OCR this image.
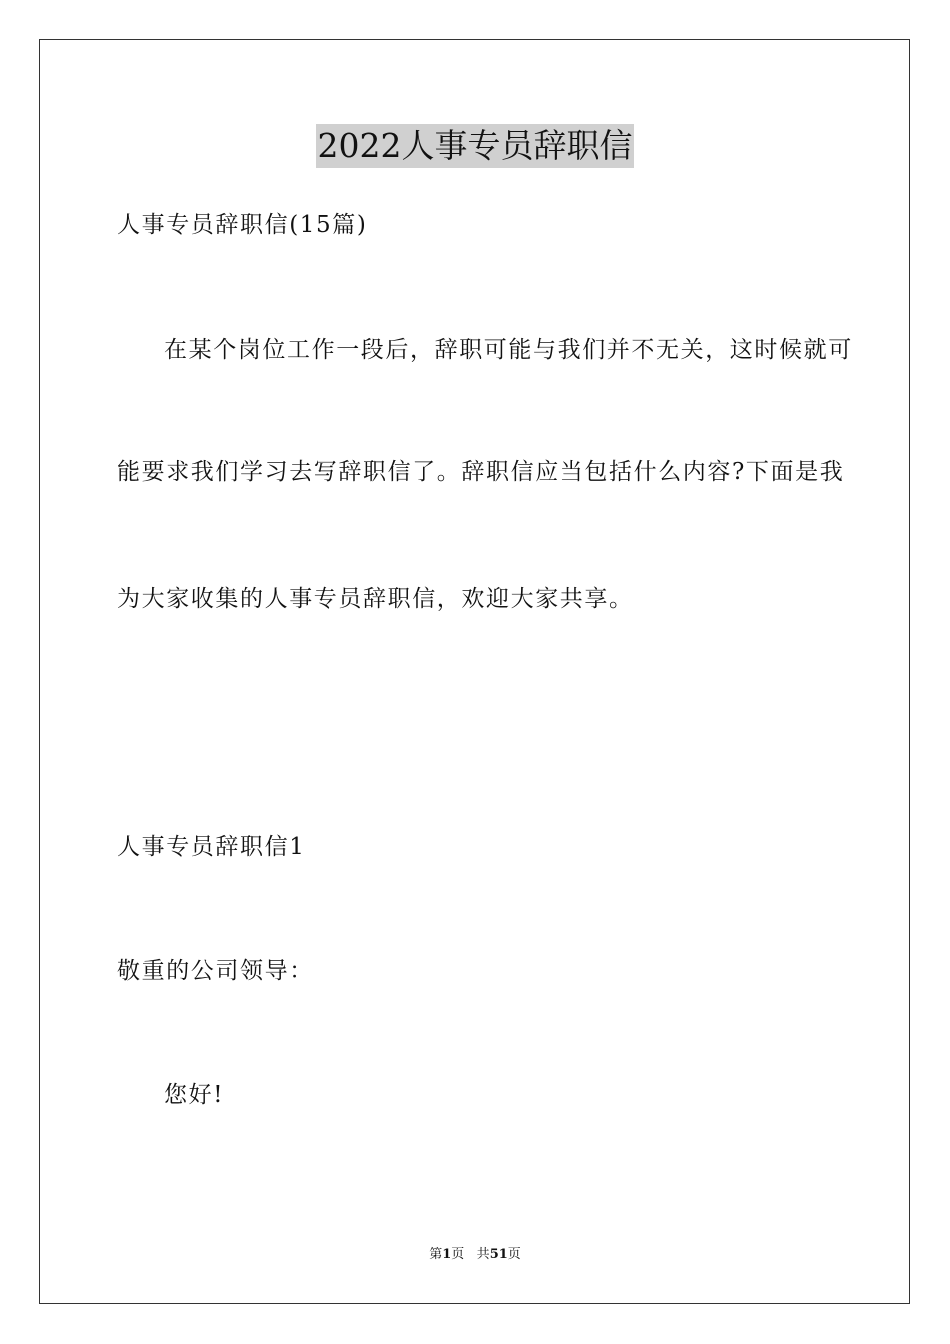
2022人事专员辞职信
人事专员辞职信(15篇)
在某个岗位工作一段后，辞职可能与我们并不无关，这时候就可
能要求我们学习去写辞职信了。辞职信应当包括什么内容?下面是我
为大家收集的人事专员辞职信，欢迎大家共享。
人事专员辞职信1
敬重的公司领导：
您好!
第1页 共51页
